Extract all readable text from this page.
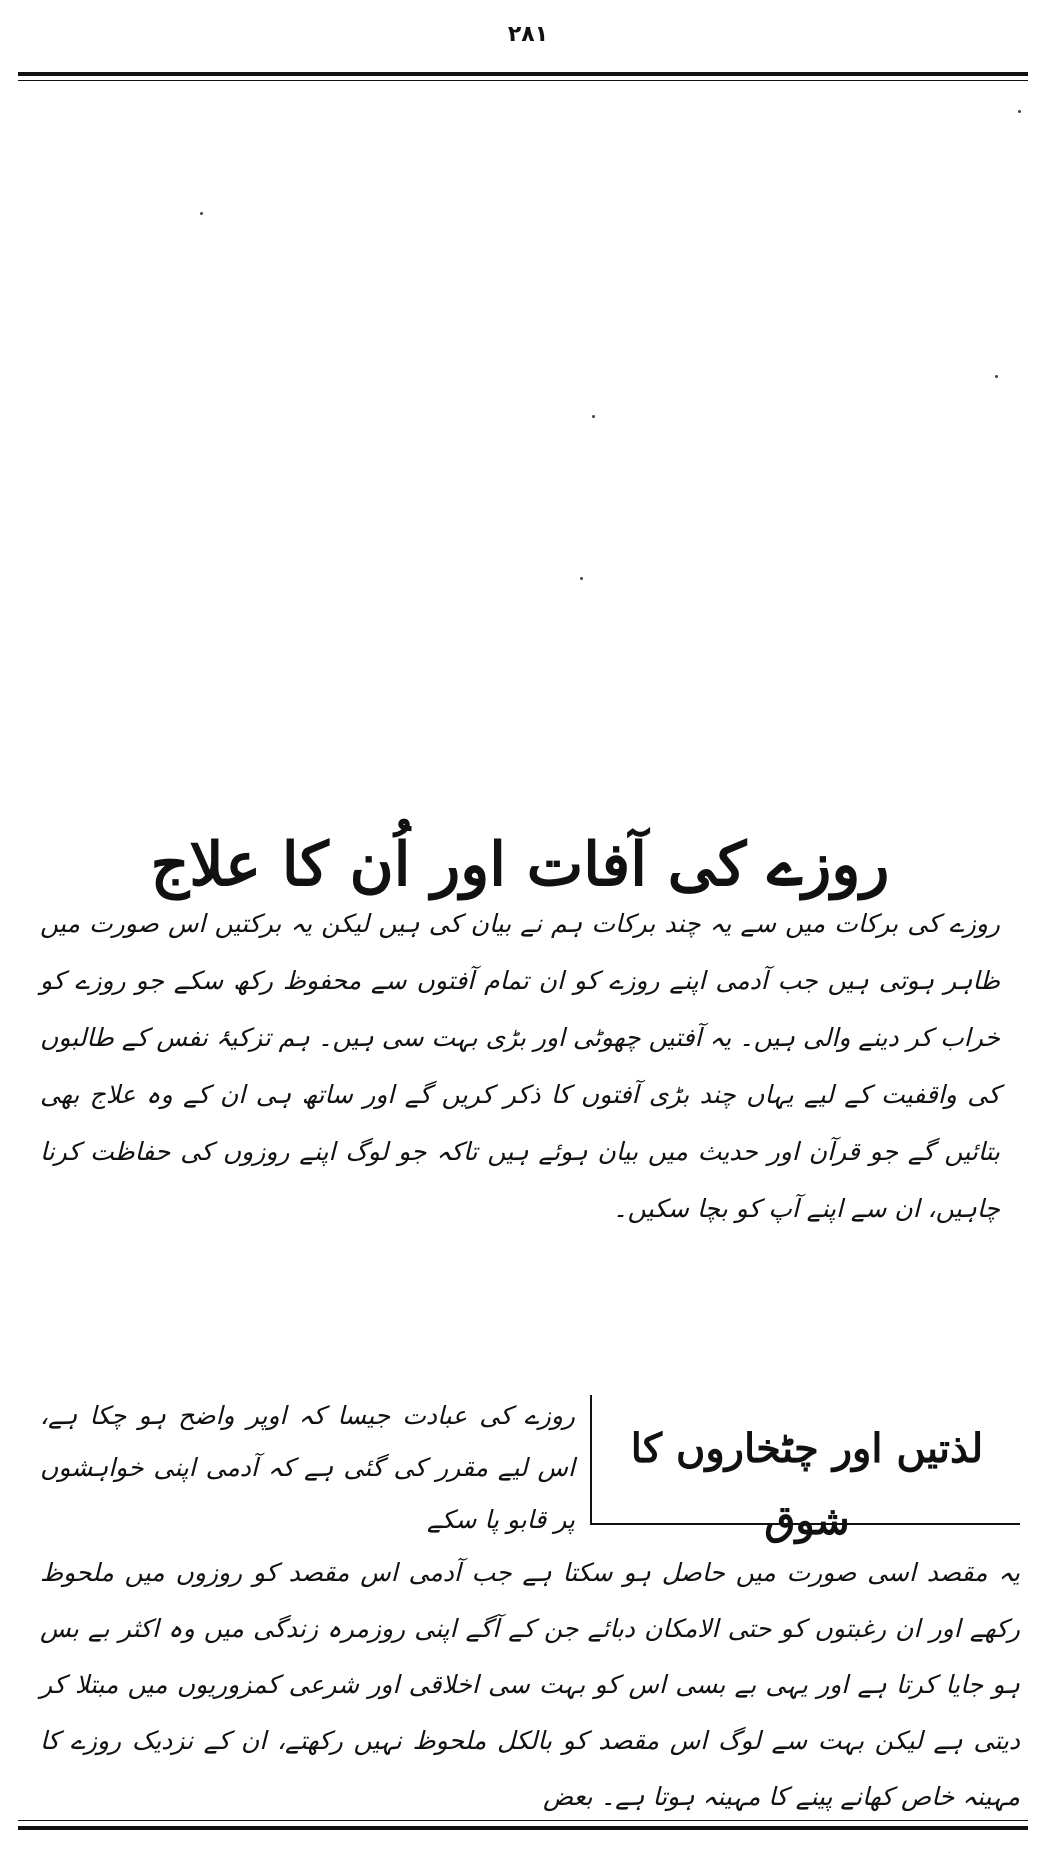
۲۸۱
روزے کی آفات اور اُن کا علاج

روزے کی برکات میں سے یہ چند برکات ہم نے بیان کی ہیں لیکن یہ برکتیں اس صورت میں ظاہر ہوتی ہیں جب آدمی اپنے روزے کو ان تمام آفتوں سے محفوظ رکھ سکے جو روزے کو خراب کر دینے والی ہیں۔ یہ آفتیں چھوٹی اور بڑی بہت سی ہیں۔ ہم تزکیۂ نفس کے طالبوں کی واقفیت کے لیے یہاں چند بڑی آفتوں کا ذکر کریں گے اور ساتھ ہی ان کے وہ علاج بھی بتائیں گے جو قرآن اور حدیث میں بیان ہوئے ہیں تاکہ جو لوگ اپنے روزوں کی حفاظت کرنا چاہیں، ان سے اپنے آپ کو بچا سکیں۔

لذتیں اور چٹخاروں کا شوق

روزے کی عبادت جیسا کہ اوپر واضح ہو چکا ہے، اس لیے مقرر کی گئی ہے کہ آدمی اپنی خواہشوں پر قابو پا سکے

یہ مقصد اسی صورت میں حاصل ہو سکتا ہے جب آدمی اس مقصد کو روزوں میں ملحوظ رکھے اور ان رغبتوں کو حتی الامکان دبائے جن کے آگے اپنی روزمرہ زندگی میں وہ اکثر بے بس ہو جایا کرتا ہے اور یہی بے بسی اس کو بہت سی اخلاقی اور شرعی کمزوریوں میں مبتلا کر دیتی ہے لیکن بہت سے لوگ اس مقصد کو بالکل ملحوظ نہیں رکھتے، ان کے نزدیک روزے کا مہینہ خاص کھانے پینے کا مہینہ ہوتا ہے۔ بعض
